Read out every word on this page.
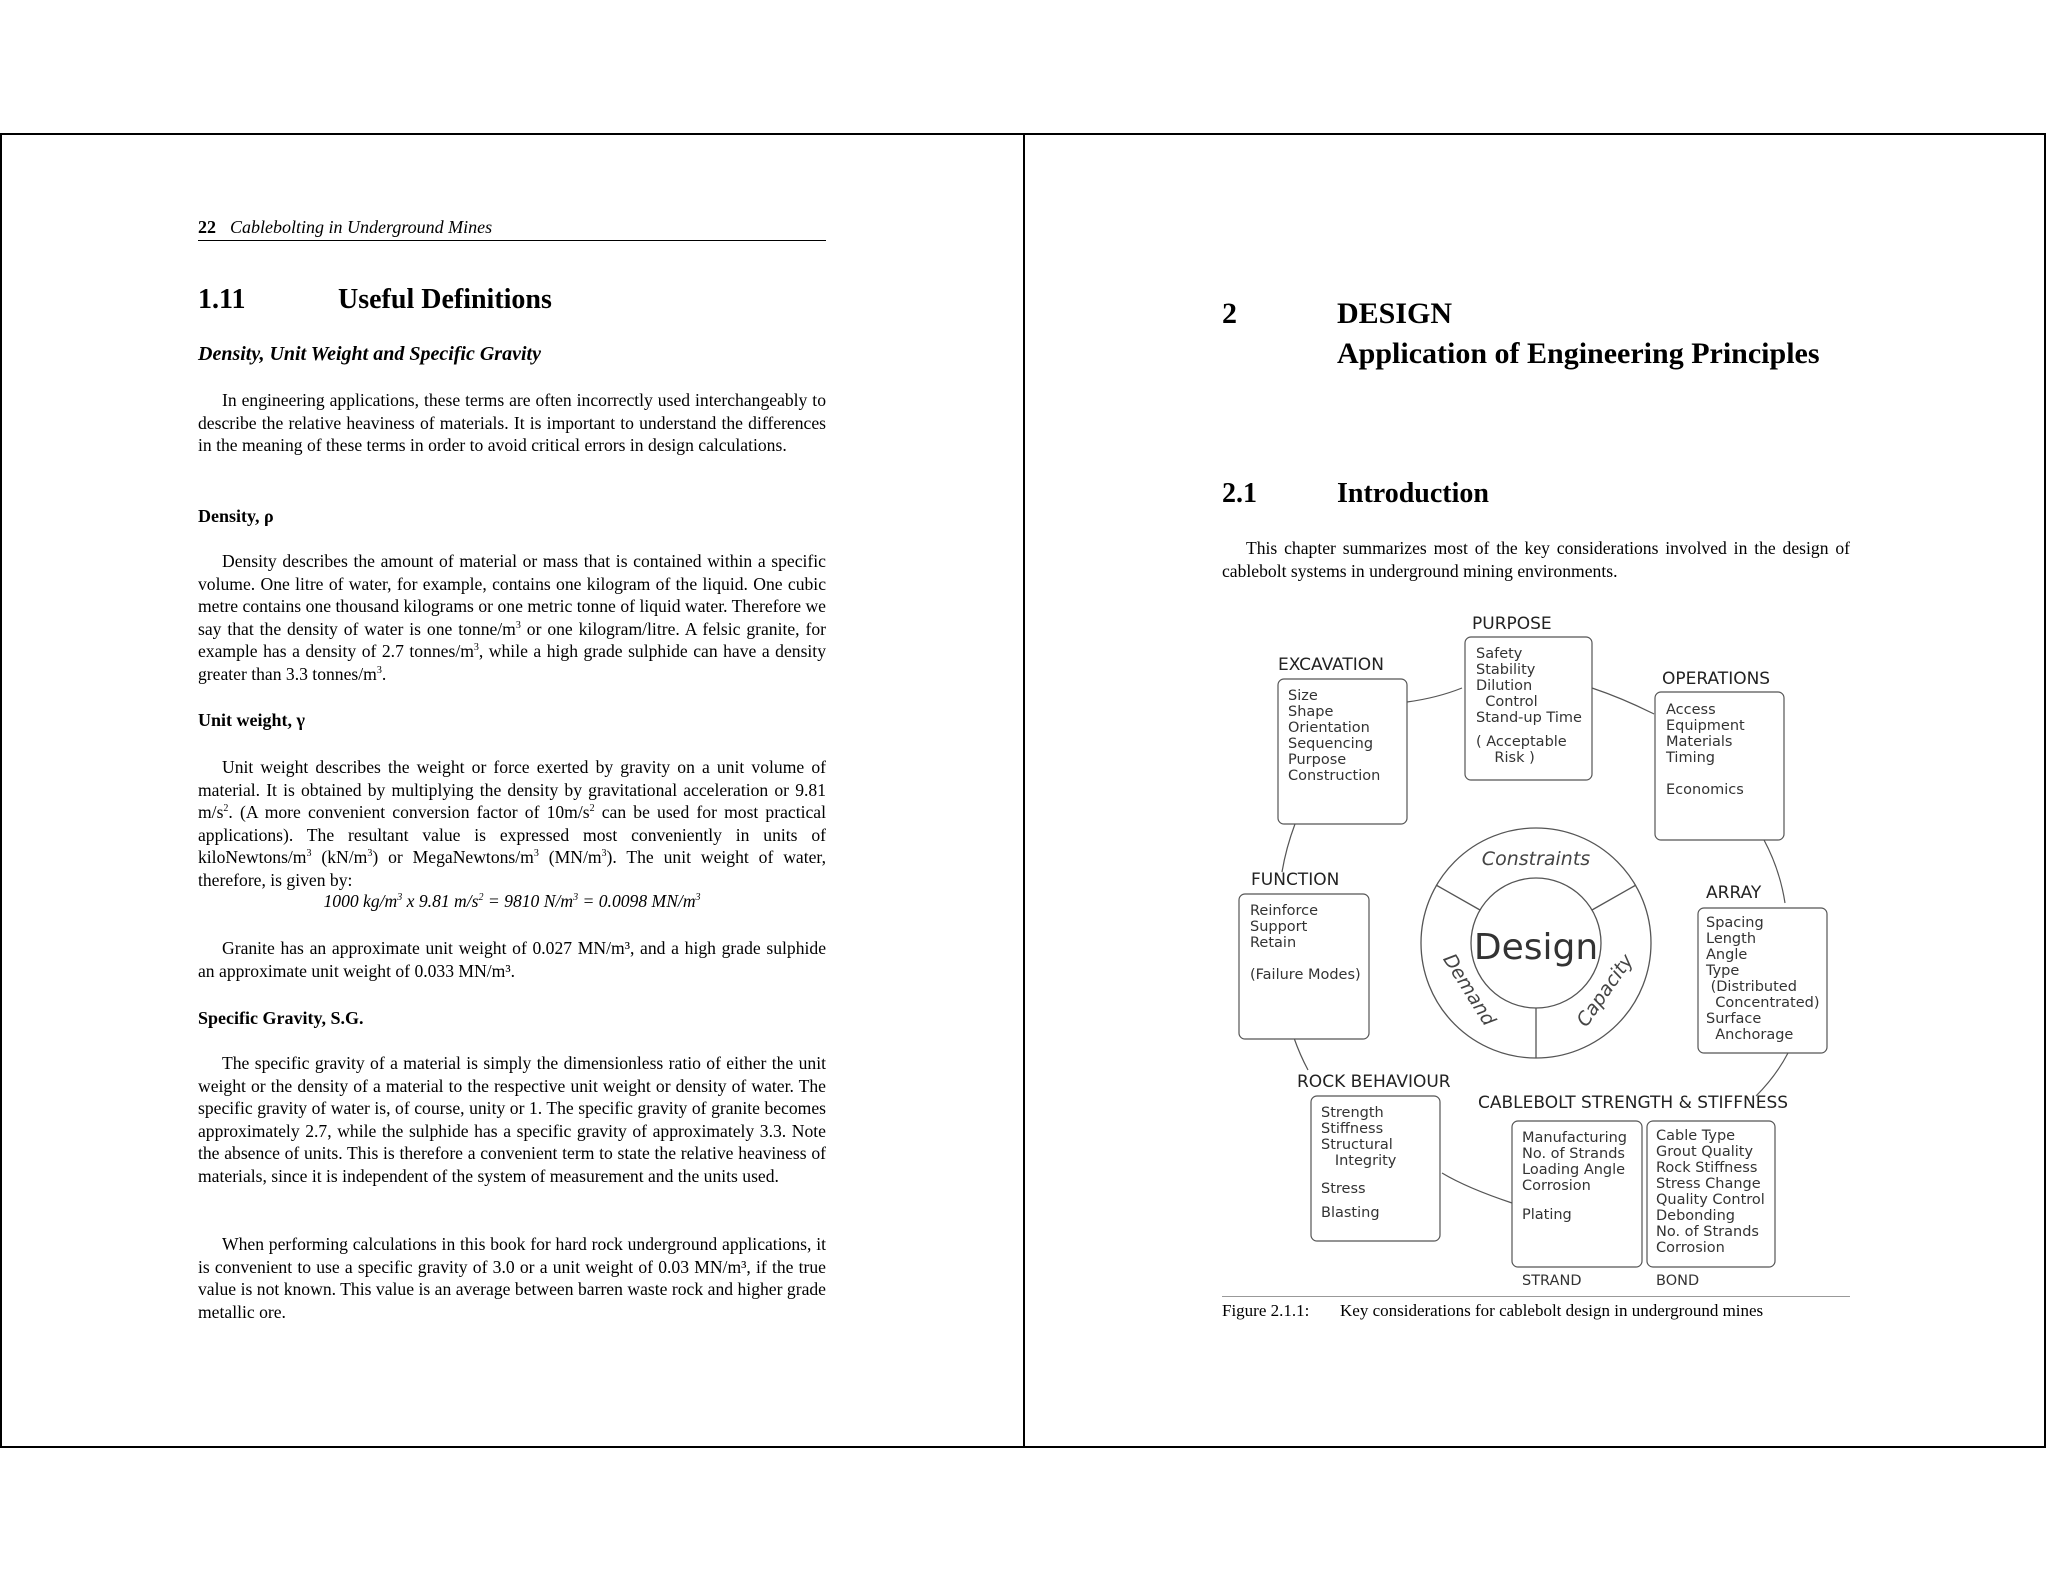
22 Cablebolting in Underground Mines
1.11	Useful Definitions
Density, Unit Weight and Specific Gravity

In engineering applications, these terms are often incorrectly used interchangeably to describe the relative heaviness of materials. It is important to understand the differences in the meaning of these terms in order to avoid critical errors in design calculations.

Density, ρ

Density describes the amount of material or mass that is contained within a specific volume. One litre of water, for example, contains one kilogram of the liquid. One cubic metre contains one thousand kilograms or one metric tonne of liquid water. Therefore we say that the density of water is one tonne/$m^3$ or one kilogram/litre. A felsic granite, for example has a density of 2.7 tonnes/$m^3$, while a high grade sulphide can have a density greater than 3.3 tonnes/$m^3$.

Unit weight, γ

Unit weight describes the weight or force exerted by gravity on a unit volume of material. It is obtained by multiplying the density by gravitational acceleration or 9.81 $m/s^2$. (A more convenient conversion factor of $10m/s^2$ can be used for most practical applications). The resultant value is expressed most conveniently in units of kiloNewtons/$m^3$ $(kN/m^3)$ or MegaNewtons/$m^3$ $(MN/m^3)$. The unit weight of water, therefore, is given by:

1000 $kg/m^3$ x 9.81 $m/s^2 = 9810$ $N/m^3 = 0.0098$ $MN/m^3$

Granite has an approximate unit weight of 0.027 MN/m³, and a high grade sulphide an approximate unit weight of 0.033 MN/m³.

Specific Gravity, S.G.

The specific gravity of a material is simply the dimensionless ratio of either the unit weight or the density of a material to the respective unit weight or density of water. The specific gravity of water is, of course, unity or 1. The specific gravity of granite becomes approximately 2.7, while the sulphide has a specific gravity of approximately 3.3. Note the absence of units. This is therefore a convenient term to state the relative heaviness of materials, since it is independent of the system of measurement and the units used.

When performing calculations in this book for hard rock underground applications, it is convenient to use a specific gravity of 3.0 or a unit weight of 0.03 MN/m³, if the true value is not known. This value is an average between barren waste rock and higher grade metallic ore.

2	DESIGN
Application of Engineering Principles
2.1	Introduction

This chapter summarizes most of the key considerations involved in the design of cablebolt systems in underground mining environments.

Design
Constraints
Demand	Capacity
PURPOSE
Safety
Stability
Dilution
Control
Stand-up Time
( Acceptable
Risk )
EXCAVATION
Size
Shape
Orientation
Sequencing
Purpose
Construction
OPERATIONS
Access
Equipment
Materials
Timing
Economics
FUNCTION
Reinforce
Support
Retain
(Failure Modes)
ARRAY
Spacing
Length
Angle
Type
(Distributed
Concentrated)
Surface
Anchorage
ROCK BEHAVIOUR
Strength
Stiffness
Structural
Integrity
Stress
Blasting
CABLEBOLT STRENGTH & STIFFNESS
Manufacturing
No. of Strands
Loading Angle
Corrosion
Plating
STRAND
Cable Type
Grout Quality
Rock Stiffness
Stress Change
Quality Control
Debonding
No. of Strands
Corrosion
BOND
Figure 2.1.1: Key considerations for cablebolt design in underground mines
